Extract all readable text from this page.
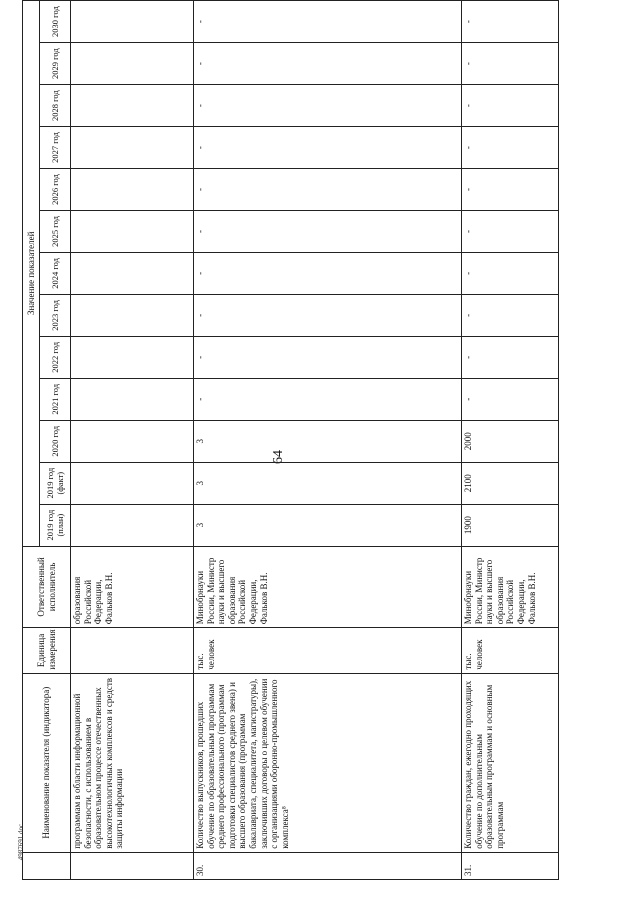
64
	Наименование показателя (индикатора)	Единица измерения	Ответственный исполнитель	Значение показателей												
				2019 год (план)	2019 год (факт)	2020 год	2021 год	2022 год	2023 год	2024 год	2025 год	2026 год	2027 год	2028 год	2029 год	2030 год
	программам в области информационной безопасности, с использованием в образовательном процессе отечественных высокотехнологичных комплексов и средств защиты информации		образования Российской Федерации, Фальков В.Н.													
30.	Количество выпускников, прошедших обучение по образовательным программам среднего профессионального (программам подготовки специалистов среднего звена) и высшего образования (программам бакалавриата, специалитета, магистратуры), заключивших договоры о целевом обучении с организациями оборонно-промышленного комплекса⁸	тыс. человек	Минобрнауки России, Министр науки и высшего образования Российской Федерации, Фальков В.Н.	3	3	3	-	-	-	-	-	-	-	-	-	-
31.	Количество граждан, ежегодно проходящих обучение по дополнительным образовательным программам и основным программам	тыс. человек	Минобрнауки России, Министр науки и высшего образования Российской Федерации, Фальков В.Н.	1900	2100	2000	-	-	-	-	-	-	-	-	-	-
4987691.doc
